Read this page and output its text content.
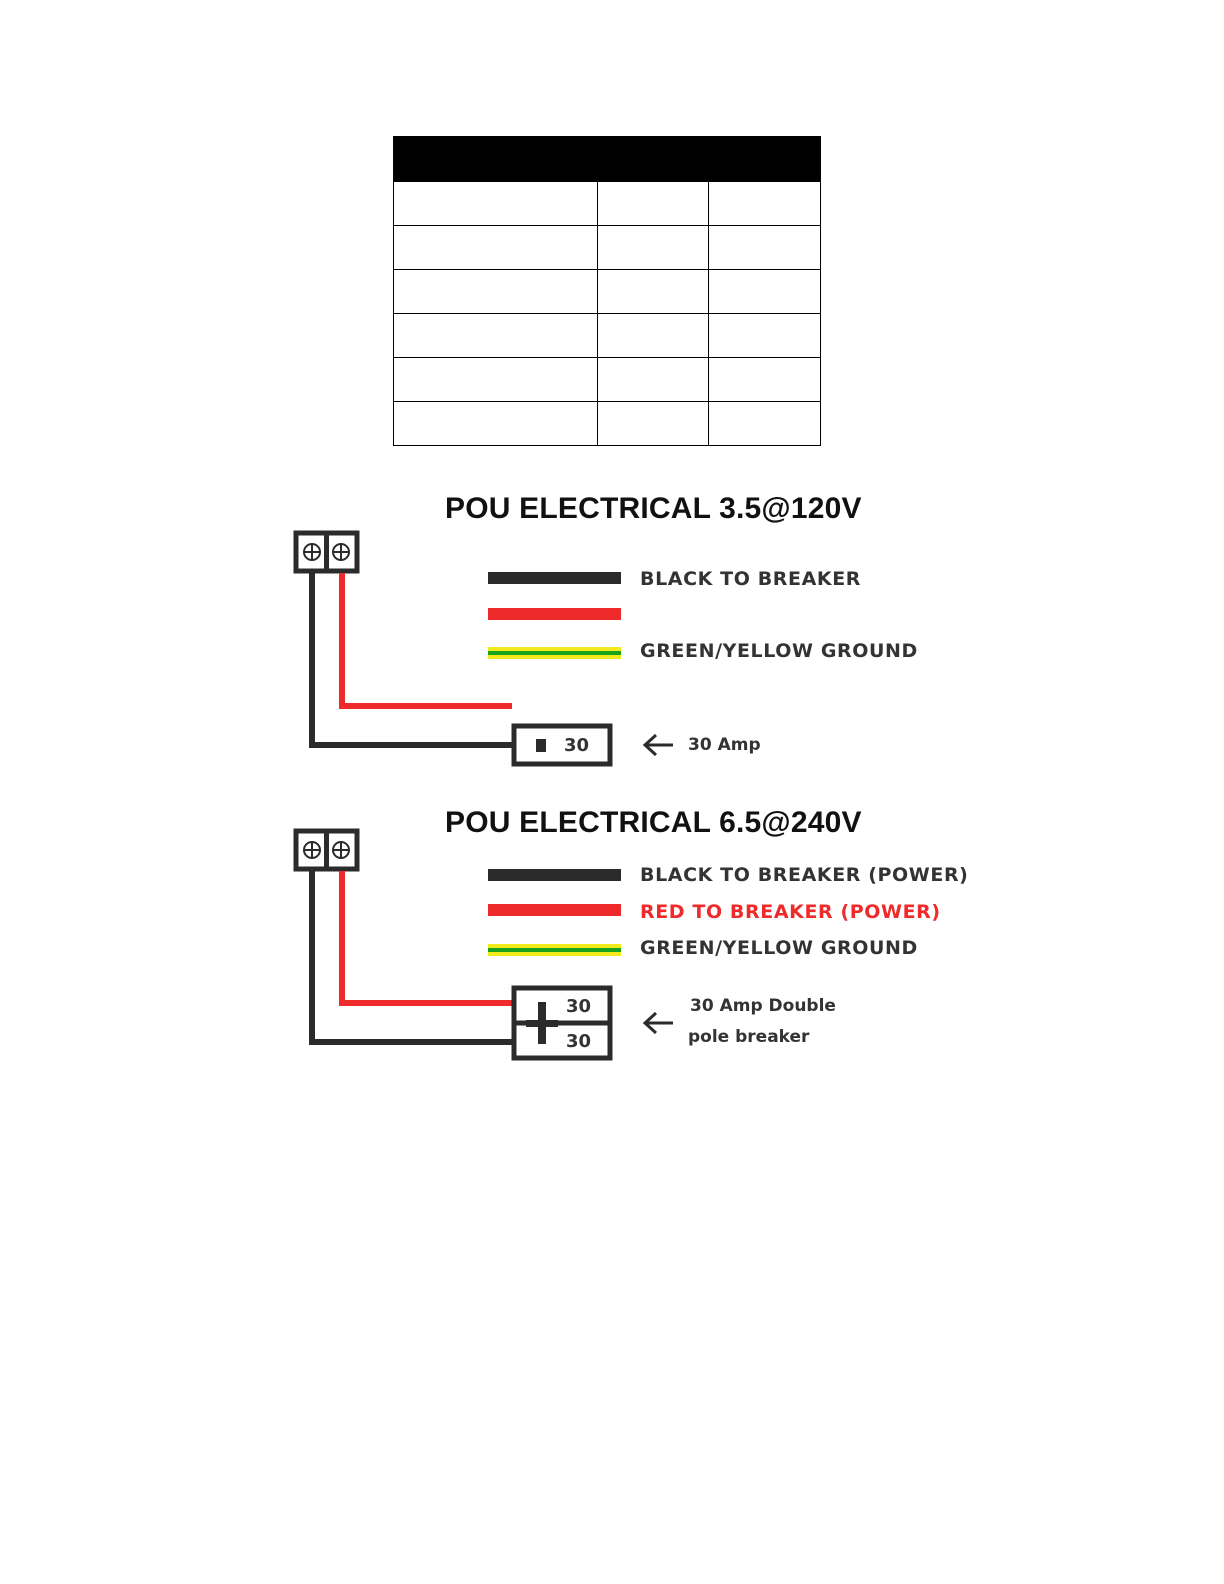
POU ELECTRICAL 3.5@120V

BLACK TO BREAKER

GREEN/YELLOW GROUND

30	30 Amp
POU ELECTRICAL 6.5@240V

BLACK TO BREAKER (POWER)

RED TO BREAKER (POWER)

GREEN/YELLOW GROUND

30
30
30 Amp Double
pole breaker
